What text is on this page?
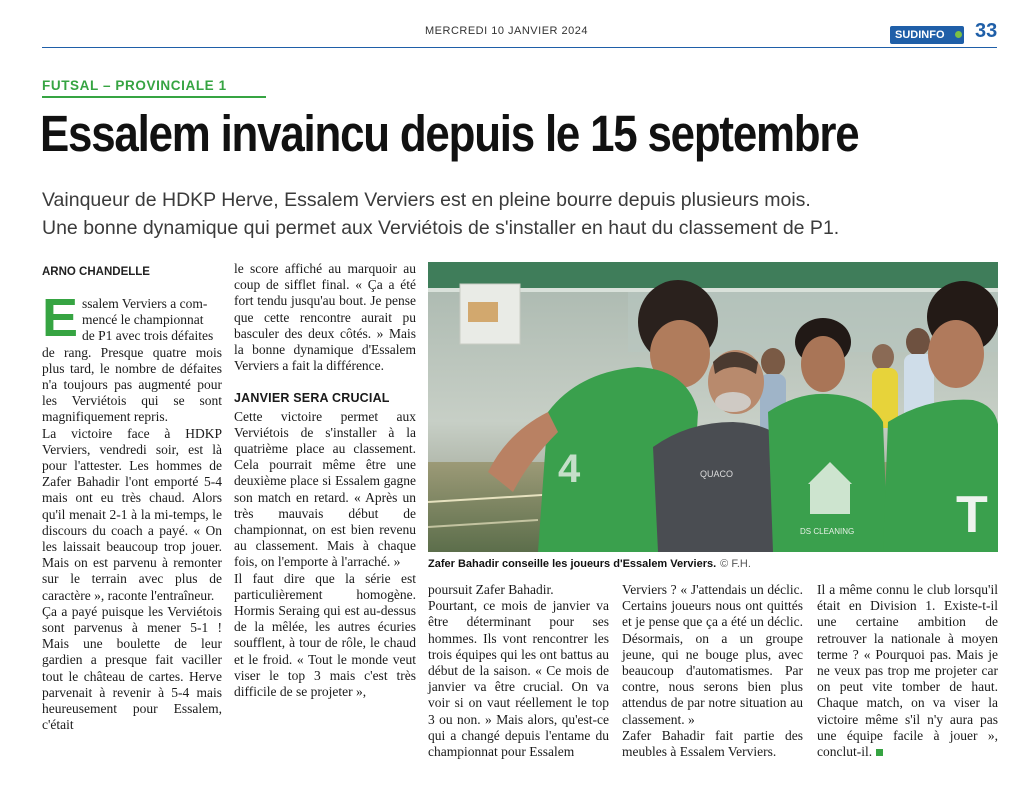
MERCREDI 10 JANVIER 2024	SUDINFO	33
FUTSAL – PROVINCIALE 1
Essalem invaincu depuis le 15 septembre
Vainqueur de HDKP Herve, Essalem Verviers est en pleine bourre depuis plusieurs mois.
Une bonne dynamique qui permet aux Verviétois de s'installer en haut du classement de P1.
ARNO CHANDELLE

E ssalem Verviers a com-
mencé le championnat
de P1 avec trois défaites
de rang. Presque quatre mois plus tard, le nombre de défaites n'a toujours pas augmenté pour les Verviétois qui se sont magnifiquement repris.

La victoire face à HDKP Verviers, vendredi soir, est là pour l'attester. Les hommes de Zafer Bahadir l'ont emporté 5-4 mais ont eu très chaud. Alors qu'il menait 2-1 à la mi-temps, le discours du coach a payé. « On les laissait beaucoup trop jouer. Mais on est parvenu à remonter sur le terrain avec plus de caractère », raconte l'entraîneur.

Ça a payé puisque les Verviétois sont parvenus à mener 5-1 ! Mais une boulette de leur gardien a presque fait vaciller tout le château de cartes. Herve parvenait à revenir à 5-4 mais heureusement pour Essalem, c'était

le score affiché au marquoir au coup de sifflet final. « Ça a été fort tendu jusqu'au bout. Je pense que cette rencontre aurait pu basculer des deux côtés. » Mais la bonne dynamique d'Essalem Verviers a fait la différence.

JANVIER SERA CRUCIAL

Cette victoire permet aux Verviétois de s'installer à la quatrième place au classement. Cela pourrait même être une deuxième place si Essalem gagne son match en retard. « Après un très mauvais début de championnat, on est bien revenu au classement. Mais à chaque fois, on l'emporte à l'arraché. »

Il faut dire que la série est particulièrement homogène. Hormis Seraing qui est au-dessus de la mêlée, les autres écuries soufflent, à tour de rôle, le chaud et le froid. « Tout le monde veut viser le top 3 mais c'est très difficile de se projeter »,

4	QUACO
DS CLEANING T
Zafer Bahadir conseille les joueurs d'Essalem Verviers. © F.H.

poursuit Zafer Bahadir.

Pourtant, ce mois de janvier va être déterminant pour ses hommes. Ils vont rencontrer les trois équipes qui les ont battus au début de la saison. « Ce mois de janvier va être crucial. On va voir si on vaut réellement le top 3 ou non. » Mais alors, qu'est-ce qui a changé depuis l'entame du championnat pour Essalem

Verviers ? « J'attendais un déclic. Certains joueurs nous ont quittés et je pense que ça a été un déclic. Désormais, on a un groupe jeune, qui ne bouge plus, avec beaucoup d'automatismes. Par contre, nous serons bien plus attendus de par notre situation au classement. »

Zafer Bahadir fait partie des meubles à Essalem Verviers.

Il a même connu le club lorsqu'il était en Division 1. Existe-t-il une certaine ambition de retrouver la nationale à moyen terme ? « Pourquoi pas. Mais je ne veux pas trop me projeter car on peut vite tomber de haut. Chaque match, on va viser la victoire même s'il n'y aura pas une équipe facile à jouer », conclut-il.
